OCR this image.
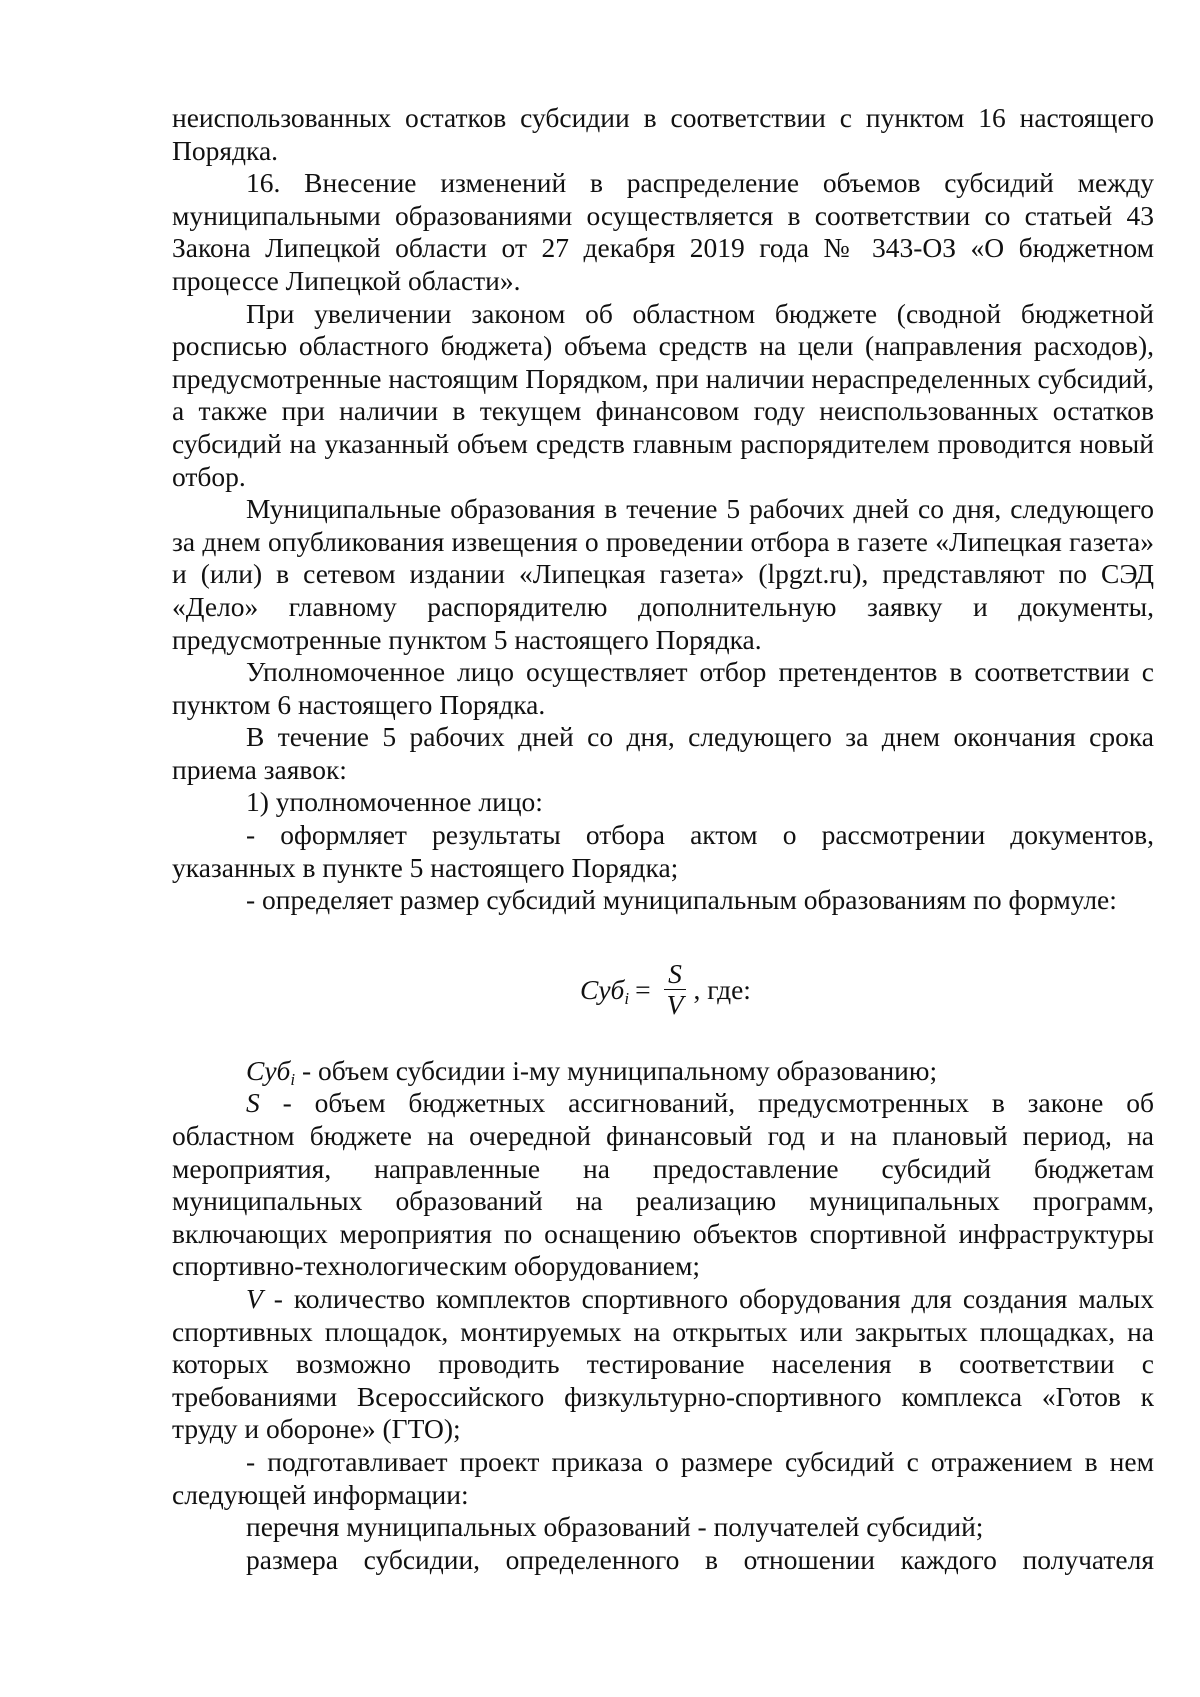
неиспользованных остатков субсидии в соответствии с пунктом 16 настоящего Порядка.

16. Внесение изменений в распределение объемов субсидий между муниципальными образованиями осуществляется в соответствии со статьей 43 Закона Липецкой области от 27 декабря 2019 года № 343-ОЗ «О бюджетном процессе Липецкой области».

При увеличении законом об областном бюджете (сводной бюджетной росписью областного бюджета) объема средств на цели (направления расходов), предусмотренные настоящим Порядком, при наличии нераспределенных субсидий, а также при наличии в текущем финансовом году неиспользованных остатков субсидий на указанный объем средств главным распорядителем проводится новый отбор.

Муниципальные образования в течение 5 рабочих дней со дня, следующего за днем опубликования извещения о проведении отбора в газете «Липецкая газета» и (или) в сетевом издании «Липецкая газета» (lpgzt.ru), представляют по СЭД «Дело» главному распорядителю дополнительную заявку и документы, предусмотренные пунктом 5 настоящего Порядка.

Уполномоченное лицо осуществляет отбор претендентов в соответствии с пунктом 6 настоящего Порядка.

В течение 5 рабочих дней со дня, следующего за днем окончания срока приема заявок:

1) уполномоченное лицо:

- оформляет результаты отбора актом о рассмотрении документов, указанных в пункте 5 настоящего Порядка;

- определяет размер субсидий муниципальным образованиям по формуле:

$Суб_i = \frac{S}{V}$ , где:

Суб$_i$ - объем субсидии i-му муниципальному образованию;

S - объем бюджетных ассигнований, предусмотренных в законе об областном бюджете на очередной финансовый год и на плановый период, на мероприятия, направленные на предоставление субсидий бюджетам муниципальных образований на реализацию муниципальных программ, включающих мероприятия по оснащению объектов спортивной инфраструктуры спортивно-технологическим оборудованием;

V - количество комплектов спортивного оборудования для создания малых спортивных площадок, монтируемых на открытых или закрытых площадках, на которых возможно проводить тестирование населения в соответствии с требованиями Всероссийского физкультурно-спортивного комплекса «Готов к труду и обороне» (ГТО);

- подготавливает проект приказа о размере субсидий с отражением в нем следующей информации:

перечня муниципальных образований - получателей субсидий;

размера субсидии, определенного в отношении каждого получателя
